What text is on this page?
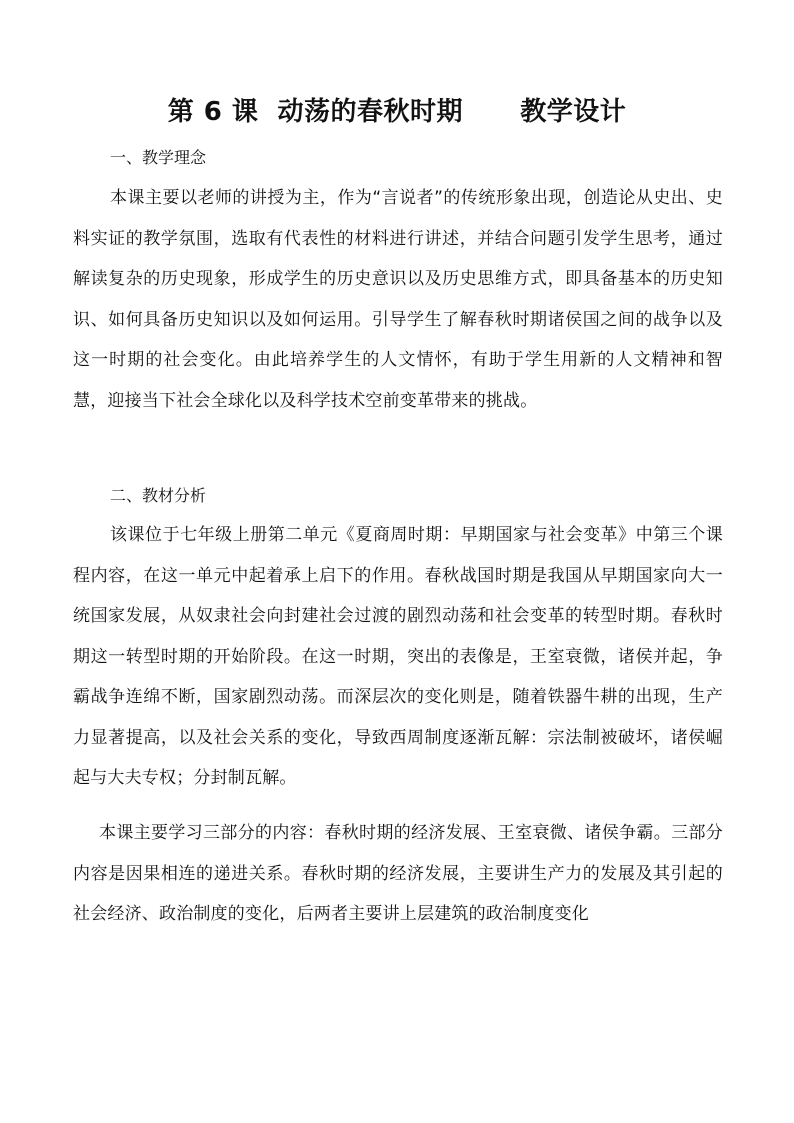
第 6 课  动荡的春秋时期      教学设计
一、教学理念
本课主要以老师的讲授为主，作为“言说者”的传统形象出现，创造论从史出、史料实证的教学氛围，选取有代表性的材料进行讲述，并结合问题引发学生思考，通过解读复杂的历史现象，形成学生的历史意识以及历史思维方式，即具备基本的历史知识、如何具备历史知识以及如何运用。引导学生了解春秋时期诸侯国之间的战争以及这一时期的社会变化。由此培养学生的人文情怀，有助于学生用新的人文精神和智慧，迎接当下社会全球化以及科学技术空前变革带来的挑战。
二、教材分析
该课位于七年级上册第二单元《夏商周时期：早期国家与社会变革》中第三个课程内容，在这一单元中起着承上启下的作用。春秋战国时期是我国从早期国家向大一统国家发展，从奴隶社会向封建社会过渡的剧烈动荡和社会变革的转型时期。春秋时期这一转型时期的开始阶段。在这一时期，突出的表像是，王室衰微，诸侯并起，争霸战争连绵不断，国家剧烈动荡。而深层次的变化则是，随着铁器牛耕的出现，生产力显著提高，以及社会关系的变化，导致西周制度逐渐瓦解：宗法制被破坏，诸侯崛起与大夫专权；分封制瓦解。
本课主要学习三部分的内容：春秋时期的经济发展、王室衰微、诸侯争霸。三部分内容是因果相连的递进关系。春秋时期的经济发展，主要讲生产力的发展及其引起的社会经济、政治制度的变化，后两者主要讲上层建筑的政治制度变化
